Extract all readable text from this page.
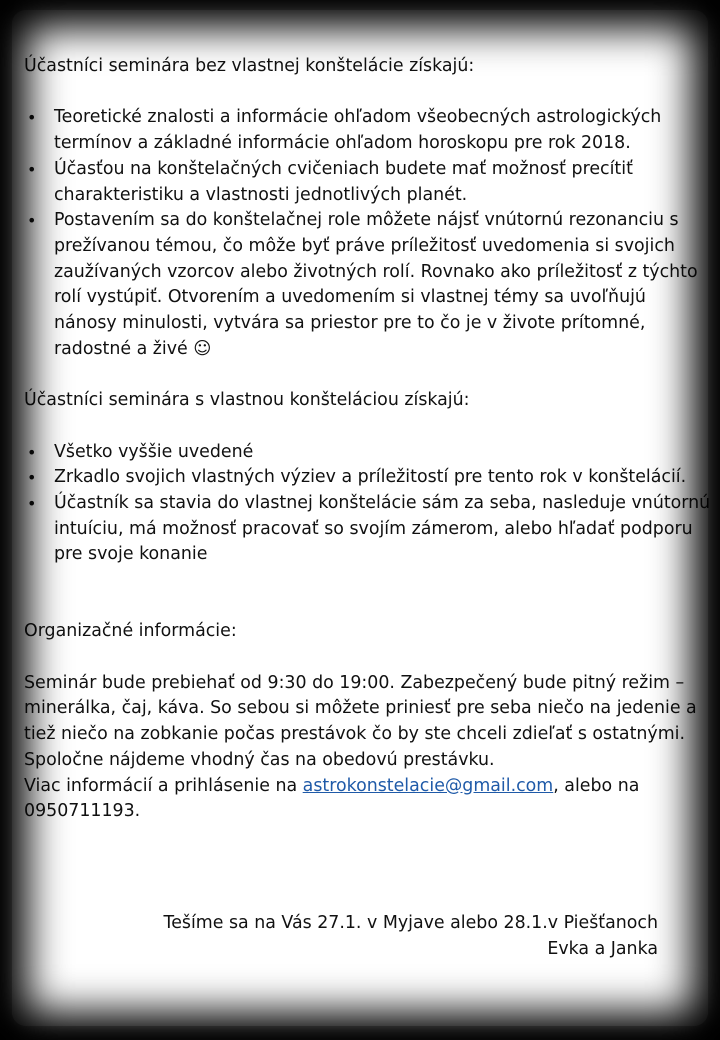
Účastníci seminára bez vlastnej konštelácie získajú:

• Teoretické znalosti a informácie ohľadom všeobecných astrologických
termínov a základné informácie ohľadom horoskopu pre rok 2018.
• Účasťou na konštelačných cvičeniach budete mať možnosť precítiť
charakteristiku a vlastnosti jednotlivých planét.
• Postavením sa do konštelačnej role môžete nájsť vnútornú rezonanciu s
prežívanou témou, čo môže byť práve príležitosť uvedomenia si svojich
zaužívaných vzorcov alebo životných rolí. Rovnako ako príležitosť z týchto
rolí vystúpiť. Otvorením a uvedomením si vlastnej témy sa uvoľňujú
nánosy minulosti, vytvára sa priestor pre to čo je v živote prítomné,
radostné a živé ☺

Účastníci seminára s vlastnou konšteláciou získajú:

• Všetko vyššie uvedené
• Zrkadlo svojich vlastných výziev a príležitostí pre tento rok v konštelácií.
• Účastník sa stavia do vlastnej konštelácie sám za seba, nasleduje vnútornú
intuíciu, má možnosť pracovať so svojím zámerom, alebo hľadať podporu
pre svoje konanie

Organizačné informácie:

Seminár bude prebiehať od 9:30 do 19:00. Zabezpečený bude pitný režim –
minerálka, čaj, káva. So sebou si môžete priniesť pre seba niečo na jedenie a
tiež niečo na zobkanie počas prestávok čo by ste chceli zdieľať s ostatnými.
Spoločne nájdeme vhodný čas na obedovú prestávku.
Viac informácií a prihlásenie na astrokonstelacie@gmail.com, alebo na
0950711193.
Tešíme sa na Vás 27.1. v Myjave alebo 28.1.v Piešťanoch
Evka a Janka
